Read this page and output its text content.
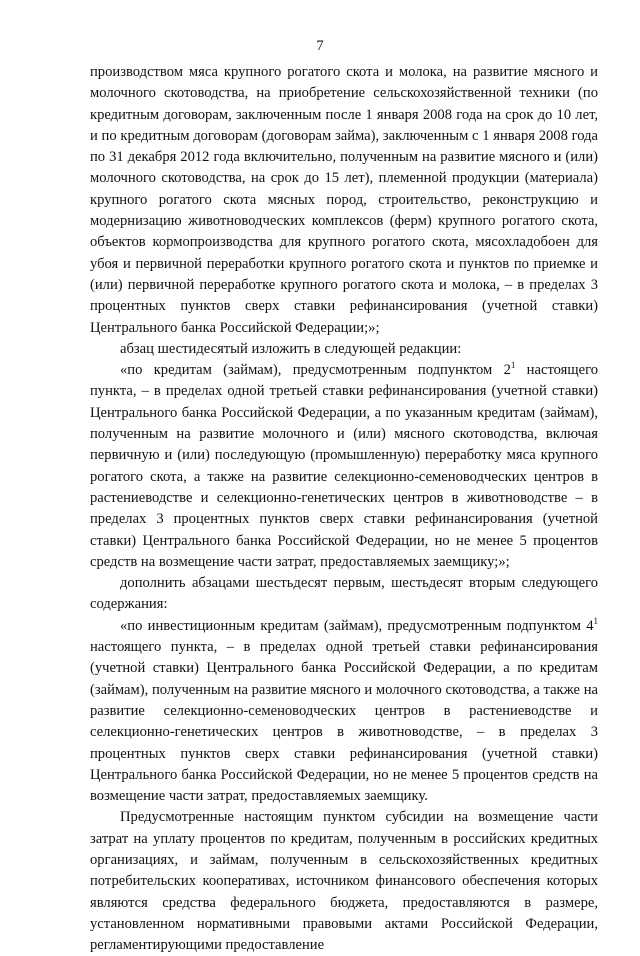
7

производством мяса крупного рогатого скота и молока, на развитие мясного и молочного скотоводства, на приобретение сельскохозяйственной техники (по кредитным договорам, заключенным после 1 января 2008 года на срок до 10 лет, и по кредитным договорам (договорам займа), заключенным с 1 января 2008 года по 31 декабря 2012 года включительно, полученным на развитие мясного и (или) молочного скотоводства, на срок до 15 лет), племенной продукции (материала) крупного рогатого скота мясных пород, строительство, реконструкцию и модернизацию животноводческих комплексов (ферм) крупного рогатого скота, объектов кормопроизводства для крупного рогатого скота, мясохладобоен для убоя и первичной переработки крупного рогатого скота и пунктов по приемке и (или) первичной переработке крупного рогатого скота и молока, – в пределах 3 процентных пунктов сверх ставки рефинансирования (учетной ставки) Центрального банка Российской Федерации;»;

абзац шестидесятый изложить в следующей редакции:

«по кредитам (займам), предусмотренным подпунктом $2^1$ настоящего пункта, – в пределах одной третьей ставки рефинансирования (учетной ставки) Центрального банка Российской Федерации, а по указанным кредитам (займам), полученным на развитие молочного и (или) мясного скотоводства, включая первичную и (или) последующую (промышленную) переработку мяса крупного рогатого скота, а также на развитие селекционно-семеноводческих центров в растениеводстве и селекционно-генетических центров в животноводстве – в пределах 3 процентных пунктов сверх ставки рефинансирования (учетной ставки) Центрального банка Российской Федерации, но не менее 5 процентов средств на возмещение части затрат, предоставляемых заемщику;»;

дополнить абзацами шестьдесят первым, шестьдесят вторым следующего содержания:

«по инвестиционным кредитам (займам), предусмотренным подпунктом $4^1$ настоящего пункта, – в пределах одной третьей ставки рефинансирования (учетной ставки) Центрального банка Российской Федерации, а по кредитам (займам), полученным на развитие мясного и молочного скотоводства, а также на развитие селекционно-семеноводческих центров в растениеводстве и селекционно-генетических центров в животноводстве, – в пределах 3 процентных пунктов сверх ставки рефинансирования (учетной ставки) Центрального банка Российской Федерации, но не менее 5 процентов средств на возмещение части затрат, предоставляемых заемщику.

Предусмотренные настоящим пунктом субсидии на возмещение части затрат на уплату процентов по кредитам, полученным в российских кредитных организациях, и займам, полученным в сельскохозяйственных кредитных потребительских кооперативах, источником финансового обеспечения которых являются средства федерального бюджета, предоставляются в размере, установленном нормативными правовыми актами Российской Федерации, регламентирующими предоставление
